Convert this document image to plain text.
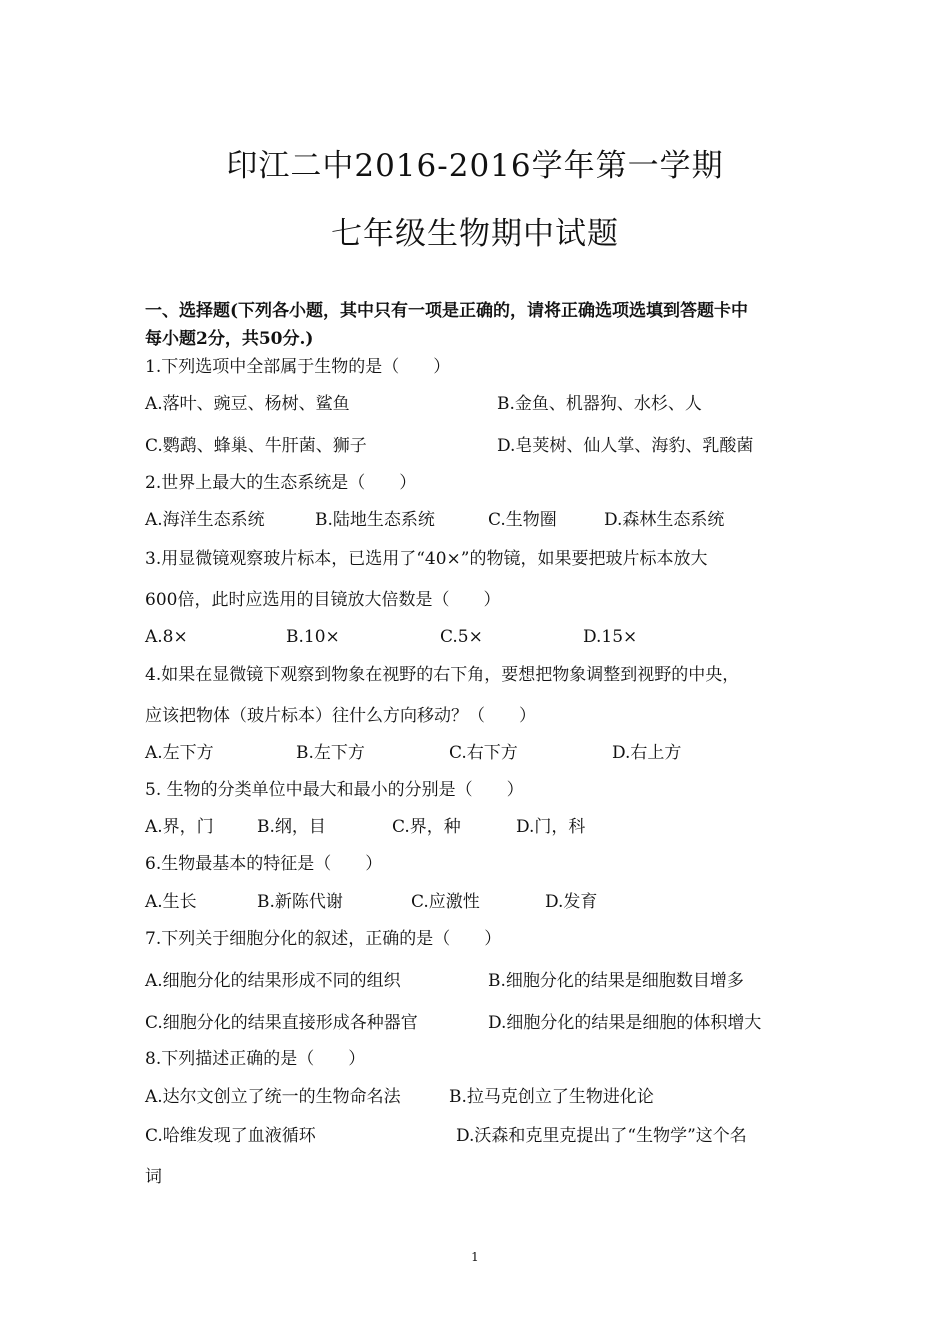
印江二中2016-2016学年第一学期
七年级生物期中试题
一、选择题(下列各小题，其中只有一项是正确的，请将正确选项选填到答题卡中
每小题2分，共50分.)
1.下列选项中全部属于生物的是（　　）
A.落叶、豌豆、杨树、鲨鱼	B.金鱼、机器狗、水杉、人
C.鹦鹉、蜂巢、牛肝菌、狮子	D.皂荚树、仙人掌、海豹、乳酸菌
2.世界上最大的生态系统是（　　）
A.海洋生态系统	B.陆地生态系统	C.生物圈	D.森林生态系统
3.用显微镜观察玻片标本，已选用了“40×”的物镜，如果要把玻片标本放大
600倍，此时应选用的目镜放大倍数是（　　）
A.8×	B.10×	C.5×	D.15×
4.如果在显微镜下观察到物象在视野的右下角，要想把物象调整到视野的中央，
应该把物体（玻片标本）往什么方向移动？（　　）
A.左下方	B.左下方	C.右下方	D.右上方
5. 生物的分类单位中最大和最小的分别是（　　）
A.界，门	B.纲，目	C.界，种	D.门，科
6.生物最基本的特征是（　　）
A.生长	B.新陈代谢	C.应激性	D.发育
7.下列关于细胞分化的叙述，正确的是（　　）
A.细胞分化的结果形成不同的组织	B.细胞分化的结果是细胞数目增多
C.细胞分化的结果直接形成各种器官	D.细胞分化的结果是细胞的体积增大
8.下列描述正确的是（　　）
A.达尔文创立了统一的生物命名法	B.拉马克创立了生物进化论
C.哈维发现了血液循环	D.沃森和克里克提出了“生物学”这个名
词
1
